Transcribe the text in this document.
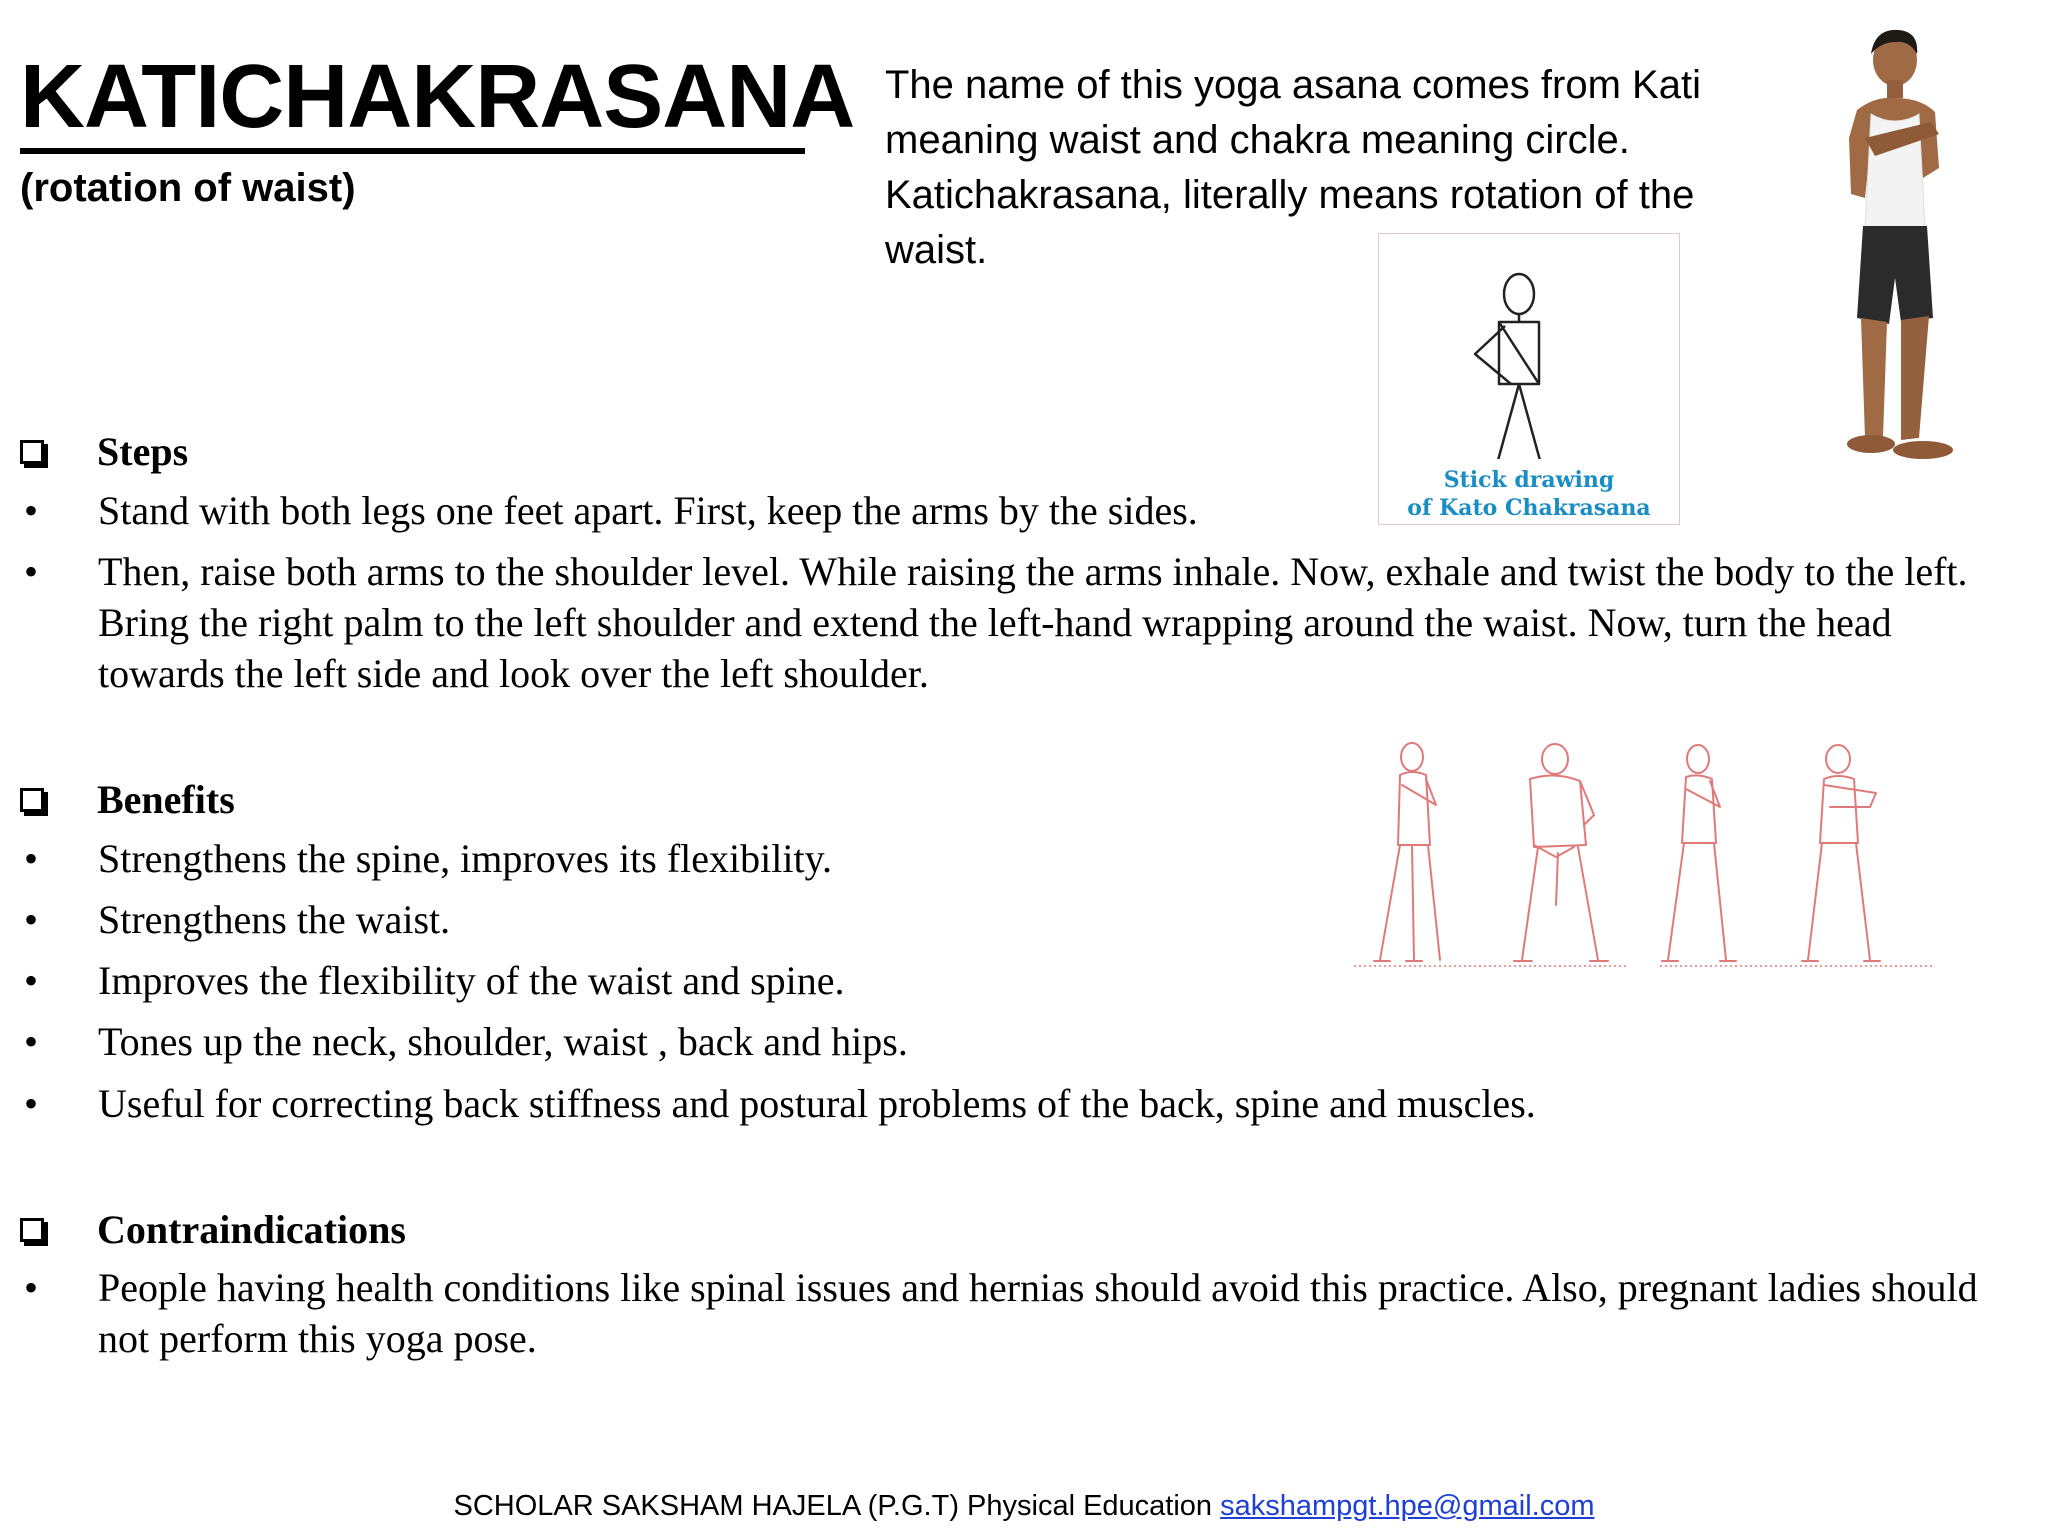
KATICHAKRASANA
(rotation of waist)
The name of this yoga asana comes from Kati meaning waist and chakra meaning circle. Katichakrasana, literally means rotation of the waist.
Stick drawing
of Kato Chakrasana
Steps
•	Stand with both legs one feet apart. First, keep the arms by the sides.
•	Then, raise both arms to the shoulder level. While raising the arms inhale. Now, exhale and twist the body to the left. Bring the right palm to the left shoulder and extend the left-hand wrapping around the waist. Now, turn the head towards the left side and look over the left shoulder.
Benefits
•	Strengthens the spine, improves its flexibility.
•	Strengthens the waist.
•	Improves the flexibility of the waist and spine.
•	Tones up the neck, shoulder, waist , back and hips.
•	Useful for correcting back stiffness and postural problems of the back, spine and muscles.
Contraindications
•	People having health conditions like spinal issues and hernias should avoid this practice. Also, pregnant ladies should not perform this yoga pose.
SCHOLAR SAKSHAM HAJELA (P.G.T) Physical Education sakshampgt.hpe@gmail.com
